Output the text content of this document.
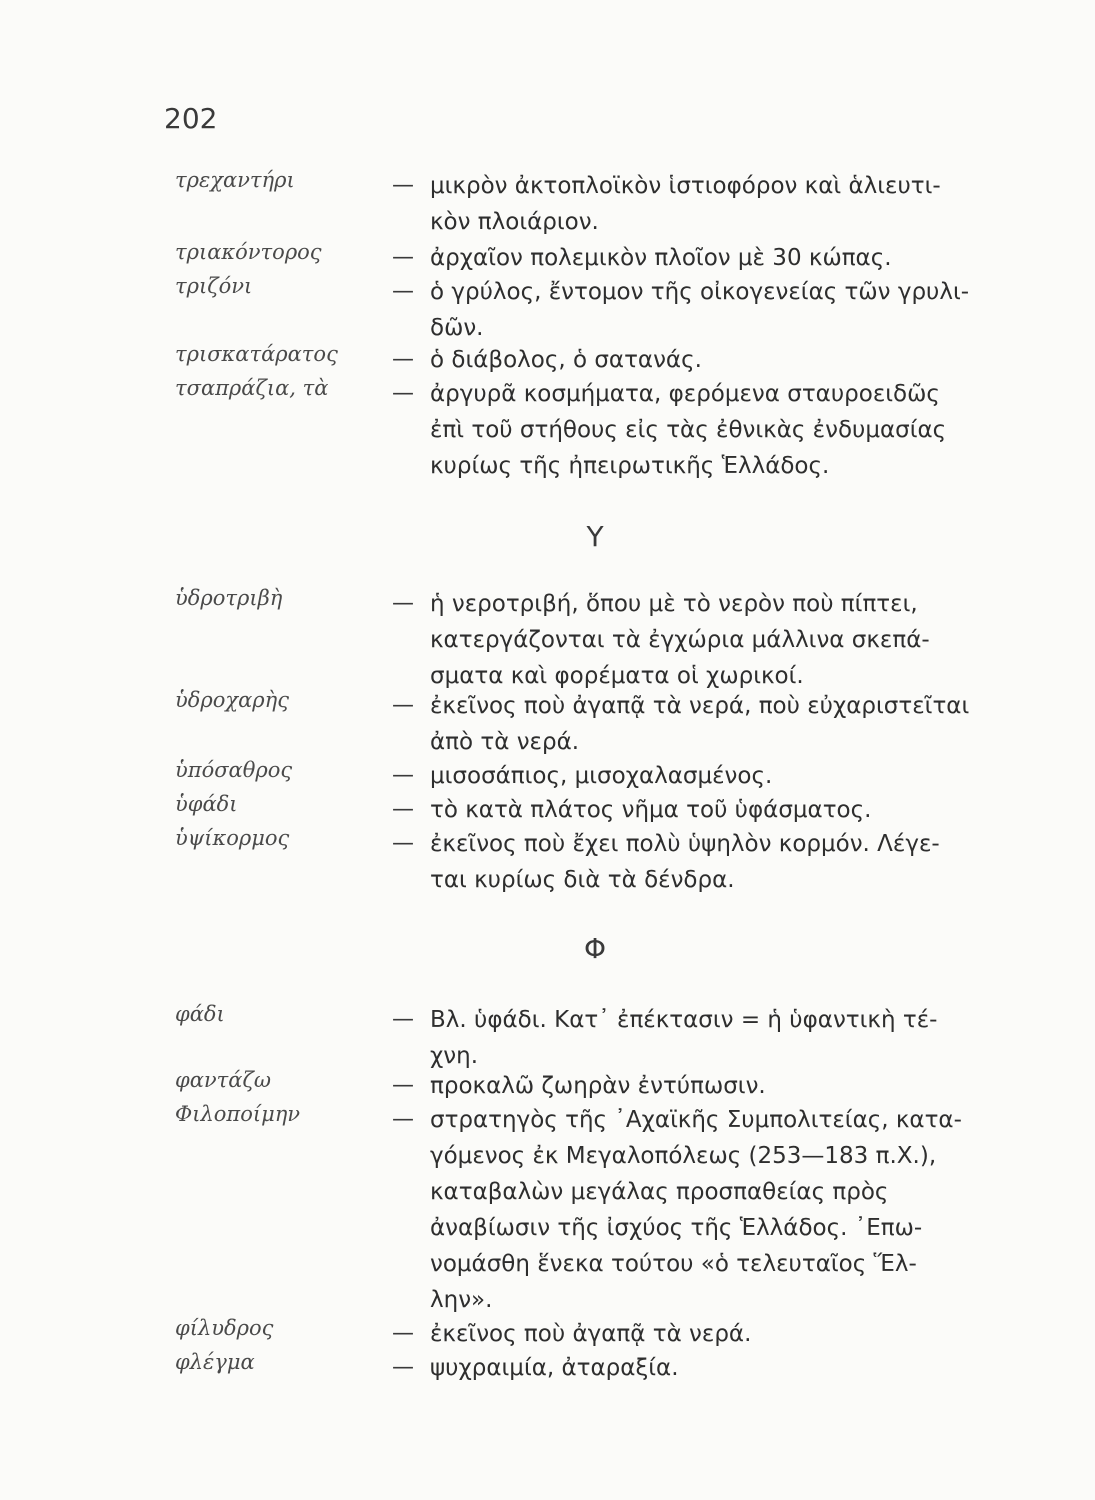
202
τρεχαντήρι	— μικρὸν ἀκτοπλοϊκὸν ἱστιοφόρον καὶ ἁλιευτι-
κὸν πλοιάριον.
τριακόντορος	— ἀρχαῖον πολεμικὸν πλοῖον μὲ 30 κώπας.
τριζόνι	— ὁ γρύλος, ἔντομον τῆς οἰκογενείας τῶν γρυλι-
δῶν.
τρισκατάρατος — ὁ διάβολος, ὁ σατανάς.
τσαπράζια, τὰ	— ἀργυρᾶ κοσμήματα, φερόμενα σταυροειδῶς
ἐπὶ τοῦ στήθους εἰς τὰς ἐθνικὰς ἐνδυμασίας
κυρίως τῆς ἠπειρωτικῆς Ἑλλάδος.
Υ
ὑδροτριβὴ	— ἡ νεροτριβή, ὅπου μὲ τὸ νερὸν ποὺ πίπτει,
κατεργάζονται τὰ ἐγχώρια μάλλινα σκεπά-
σματα καὶ φορέματα οἱ χωρικοί.
ὑδροχαρὴς	— ἐκεῖνος ποὺ ἀγαπᾷ τὰ νερά, ποὺ εὐχαριστεῖται
ἀπὸ τὰ νερά.
ὑπόσαθρος	— μισοσάπιος, μισοχαλασμένος.
ὑφάδι	— τὸ κατὰ πλάτος νῆμα τοῦ ὑφάσματος.
ὑψίκορμος	— ἐκεῖνος ποὺ ἔχει πολὺ ὑψηλὸν κορμόν. Λέγε-
ται κυρίως διὰ τὰ δένδρα.
Φ
φάδι	— Βλ. ὑφάδι. Κατ᾿ ἐπέκτασιν = ἡ ὑφαντικὴ τέ-
χνη.
φαντάζω	— προκαλῶ ζωηρὰν ἐντύπωσιν.
Φιλοποίμην	— στρατηγὸς τῆς ᾿Αχαϊκῆς Συμπολιτείας, κατα-
γόμενος ἐκ Μεγαλοπόλεως (253—183 π.Χ.),
καταβαλὼν μεγάλας προσπαθείας πρὸς
ἀναβίωσιν τῆς ἰσχύος τῆς Ἑλλάδος. ᾿Επω-
νομάσθη ἕνεκα τούτου «ὁ τελευταῖος Ἕλ-
λην».
φίλυδρος	— ἐκεῖνος ποὺ ἀγαπᾷ τὰ νερά.
φλέγμα	— ψυχραιμία, ἀταραξία.
